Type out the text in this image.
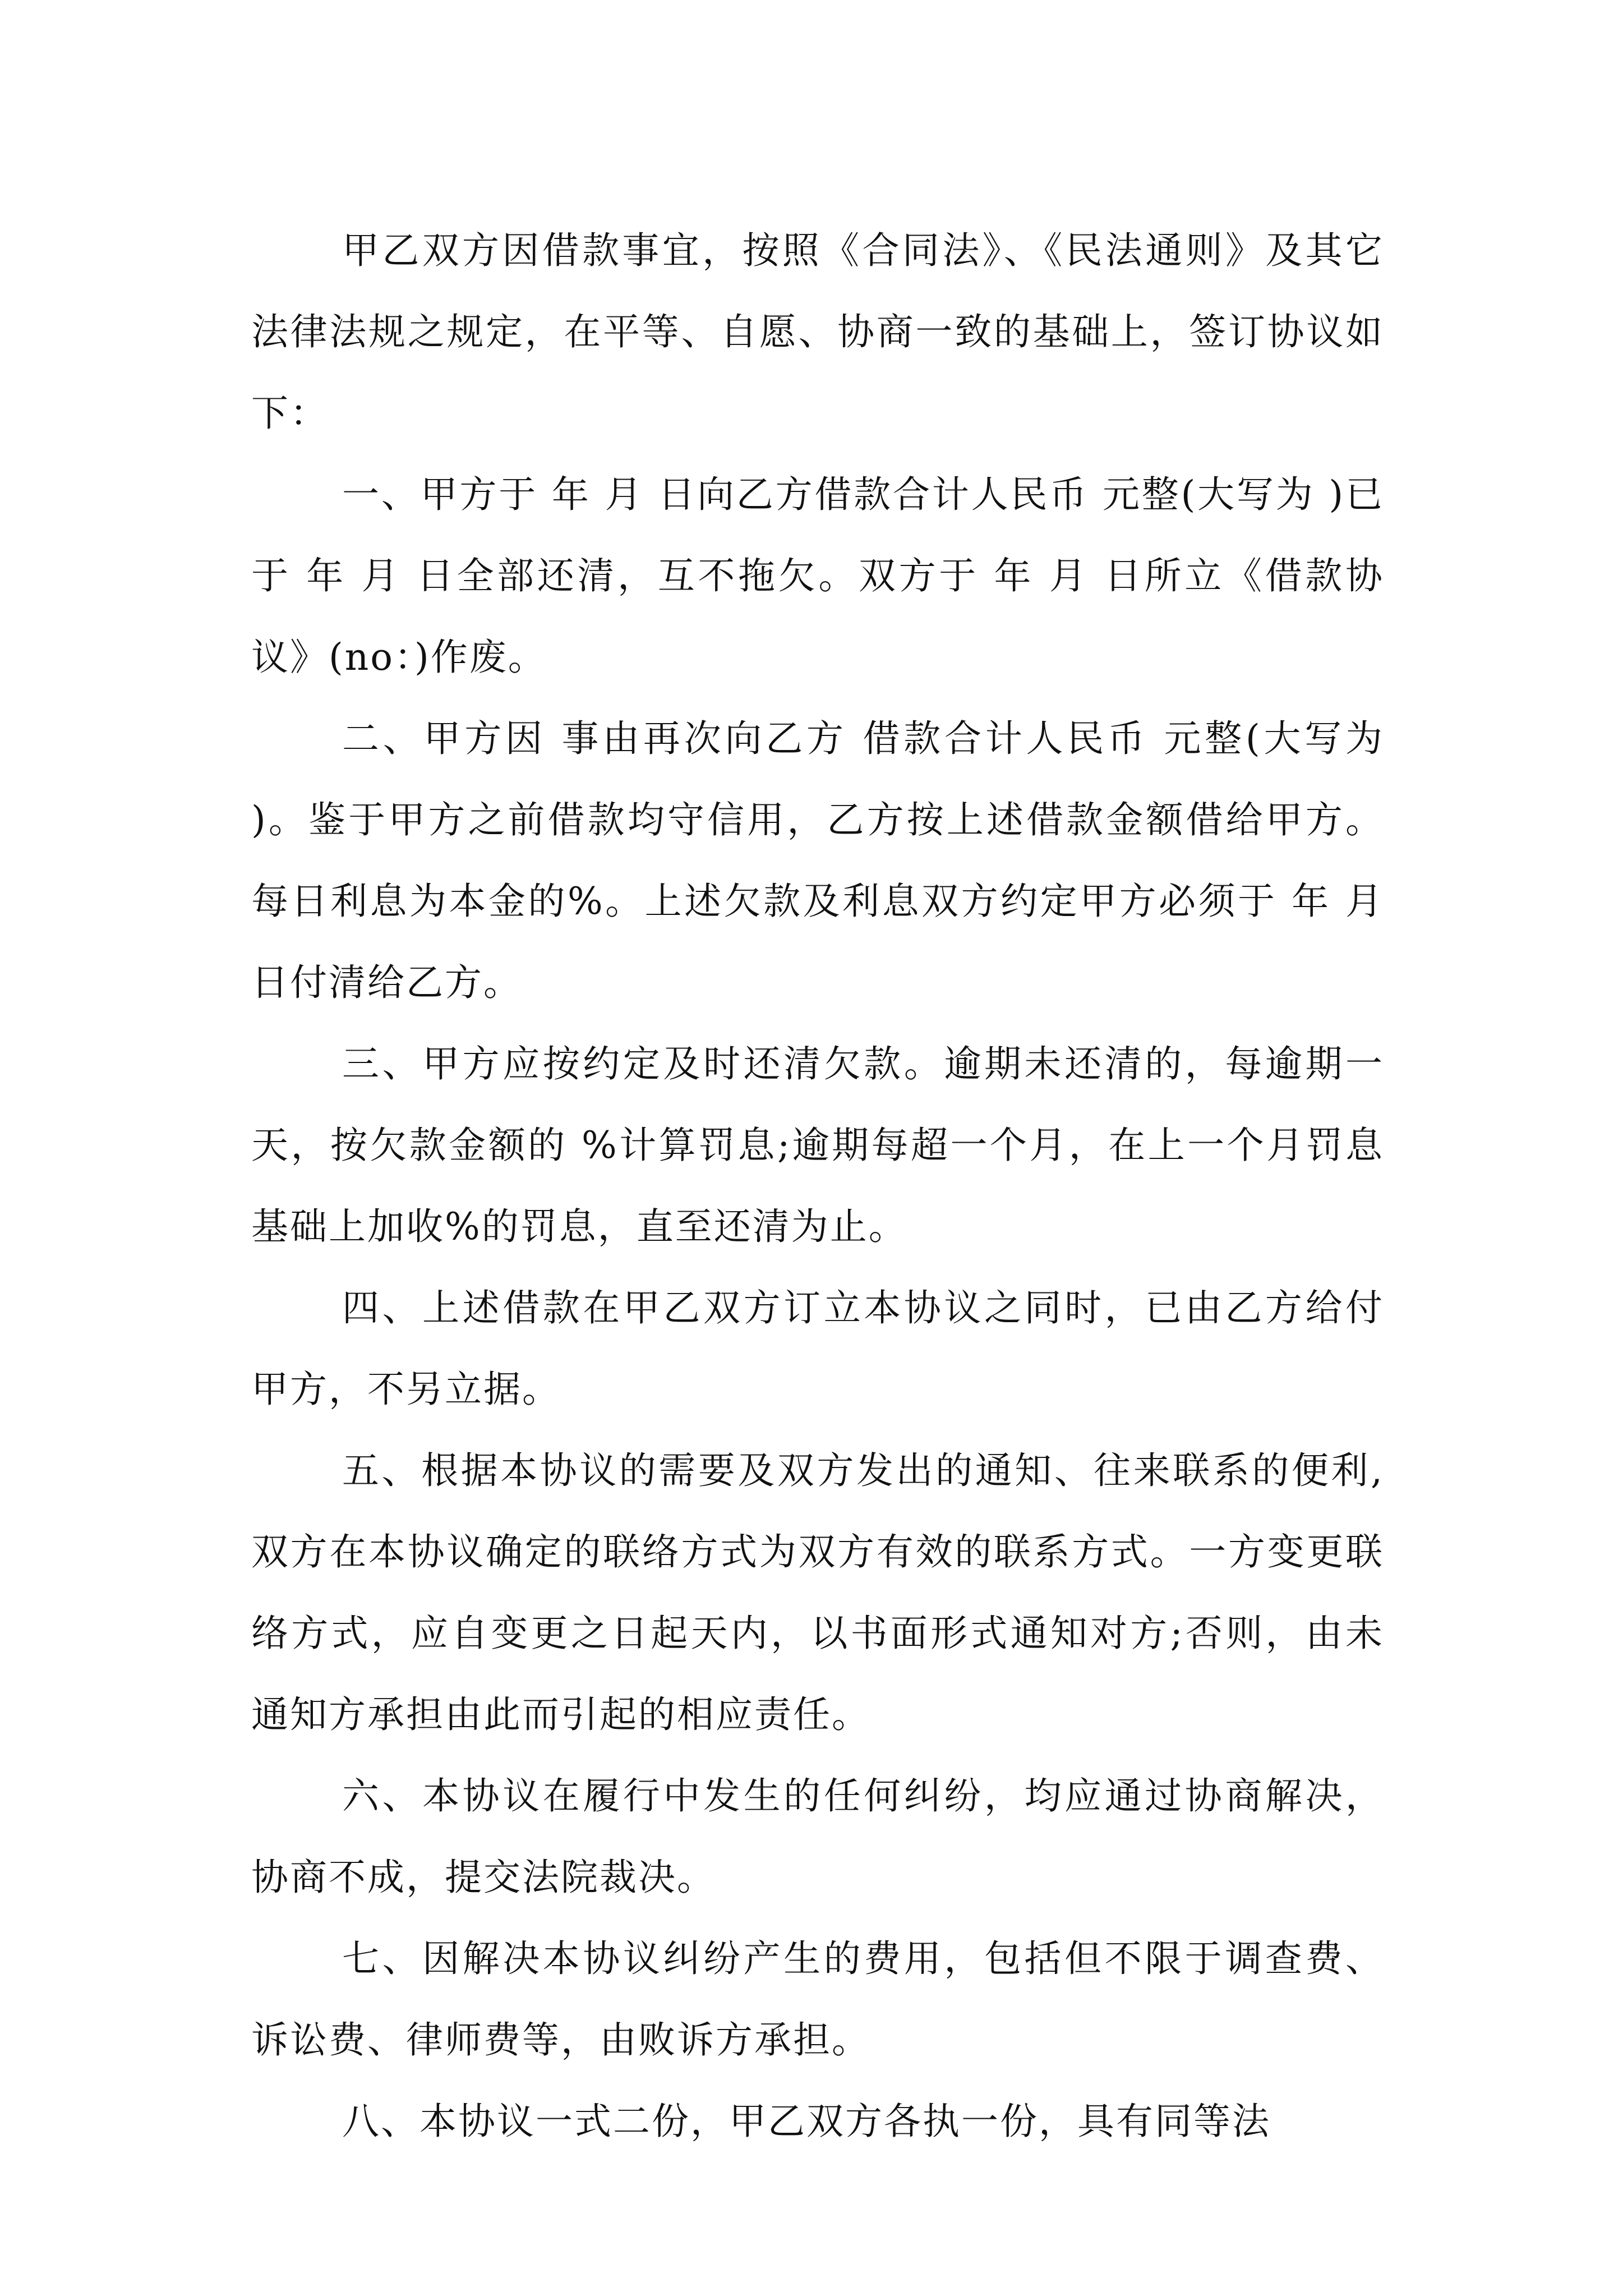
甲乙双方因借款事宜，按照《合同法》、《民法通则》及其它法律法规之规定，在平等、自愿、协商一致的基础上，签订协议如下：

一、甲方于 年 月 日向乙方借款合计人民币 元整(大写为 )已于 年 月 日全部还清，互不拖欠。双方于 年 月 日所立《借款协议》(no：)作废。

二、甲方因 事由再次向乙方 借款合计人民币 元整(大写为 )。鉴于甲方之前借款均守信用，乙方按上述借款金额借给甲方。每日利息为本金的%。上述欠款及利息双方约定甲方必须于 年 月 日付清给乙方。

三、甲方应按约定及时还清欠款。逾期未还清的，每逾期一天，按欠款金额的 %计算罚息;逾期每超一个月，在上一个月罚息基础上加收%的罚息，直至还清为止。

四、上述借款在甲乙双方订立本协议之同时，已由乙方给付甲方，不另立据。

五、根据本协议的需要及双方发出的通知、往来联系的便利,双方在本协议确定的联络方式为双方有效的联系方式。一方变更联络方式，应自变更之日起天内，以书面形式通知对方;否则，由未通知方承担由此而引起的相应责任。

六、本协议在履行中发生的任何纠纷，均应通过协商解决，协商不成，提交法院裁决。

七、因解决本协议纠纷产生的费用，包括但不限于调查费、诉讼费、律师费等，由败诉方承担。

八、本协议一式二份，甲乙双方各执一份，具有同等法
